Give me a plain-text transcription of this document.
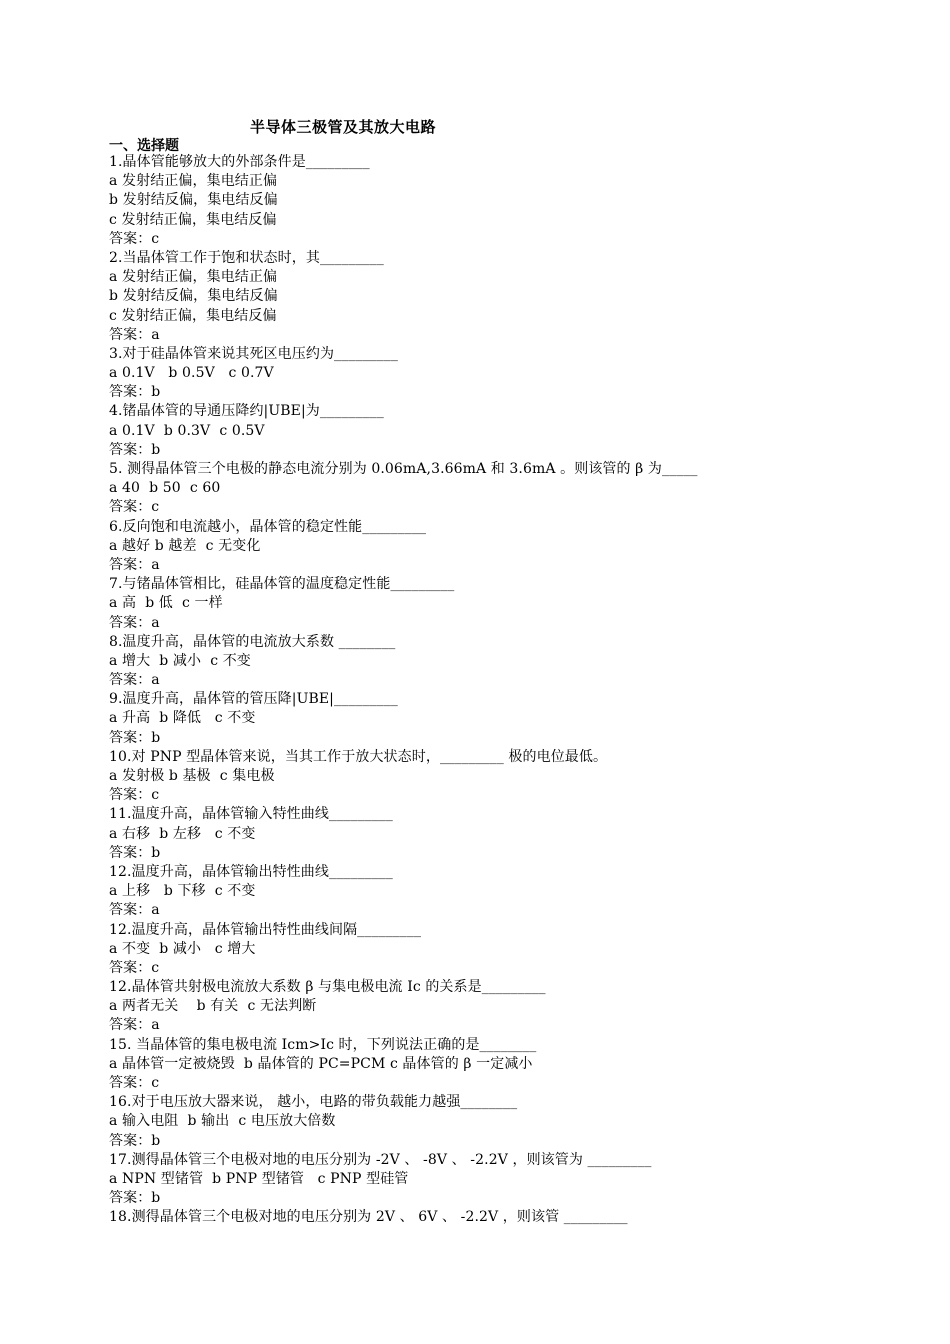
半导体三极管及其放大电路
一、选择题
1.晶体管能够放大的外部条件是_________
a 发射结正偏，集电结正偏
b 发射结反偏，集电结反偏
c 发射结正偏，集电结反偏
答案：c
2.当晶体管工作于饱和状态时，其_________
a 发射结正偏，集电结正偏
b 发射结反偏，集电结反偏
c 发射结正偏，集电结反偏
答案：a
3.对于硅晶体管来说其死区电压约为_________
a 0.1V   b 0.5V   c 0.7V
答案：b
4.锗晶体管的导通压降约|UBE|为_________
a 0.1V  b 0.3V  c 0.5V
答案：b
5. 测得晶体管三个电极的静态电流分别为 0.06mA,3.66mA 和 3.6mA 。则该管的 β 为_____
a 40  b 50  c 60
答案：c
6.反向饱和电流越小，晶体管的稳定性能_________
a 越好 b 越差  c 无变化
答案：a
7.与锗晶体管相比，硅晶体管的温度稳定性能_________
a 高  b 低  c 一样
答案：a
8.温度升高，晶体管的电流放大系数 ________
a 增大  b 减小  c 不变
答案：a
9.温度升高，晶体管的管压降|UBE|_________
a 升高  b 降低   c 不变
答案：b
10.对 PNP 型晶体管来说，当其工作于放大状态时，_________ 极的电位最低。
a 发射极 b 基极  c 集电极
答案：c
11.温度升高，晶体管输入特性曲线_________
a 右移  b 左移   c 不变
答案：b
12.温度升高，晶体管输出特性曲线_________
a 上移   b 下移  c 不变
答案：a
12.温度升高，晶体管输出特性曲线间隔_________
a 不变  b 减小   c 增大
答案：c
12.晶体管共射极电流放大系数 β 与集电极电流 Ic 的关系是_________
a 两者无关    b 有关  c 无法判断
答案：a
15. 当晶体管的集电极电流 Icm>Ic 时，下列说法正确的是________
a 晶体管一定被烧毁  b 晶体管的 PC=PCM c 晶体管的 β 一定减小
答案：c
16.对于电压放大器来说， 越小，电路的带负载能力越强________
a 输入电阻  b 输出  c 电压放大倍数
答案：b
17.测得晶体管三个电极对地的电压分别为 -2V 、 -8V 、 -2.2V ，则该管为 _________
a NPN 型锗管  b PNP 型锗管   c PNP 型硅管
答案：b
18.测得晶体管三个电极对地的电压分别为 2V 、 6V 、 -2.2V ，则该管 _________
